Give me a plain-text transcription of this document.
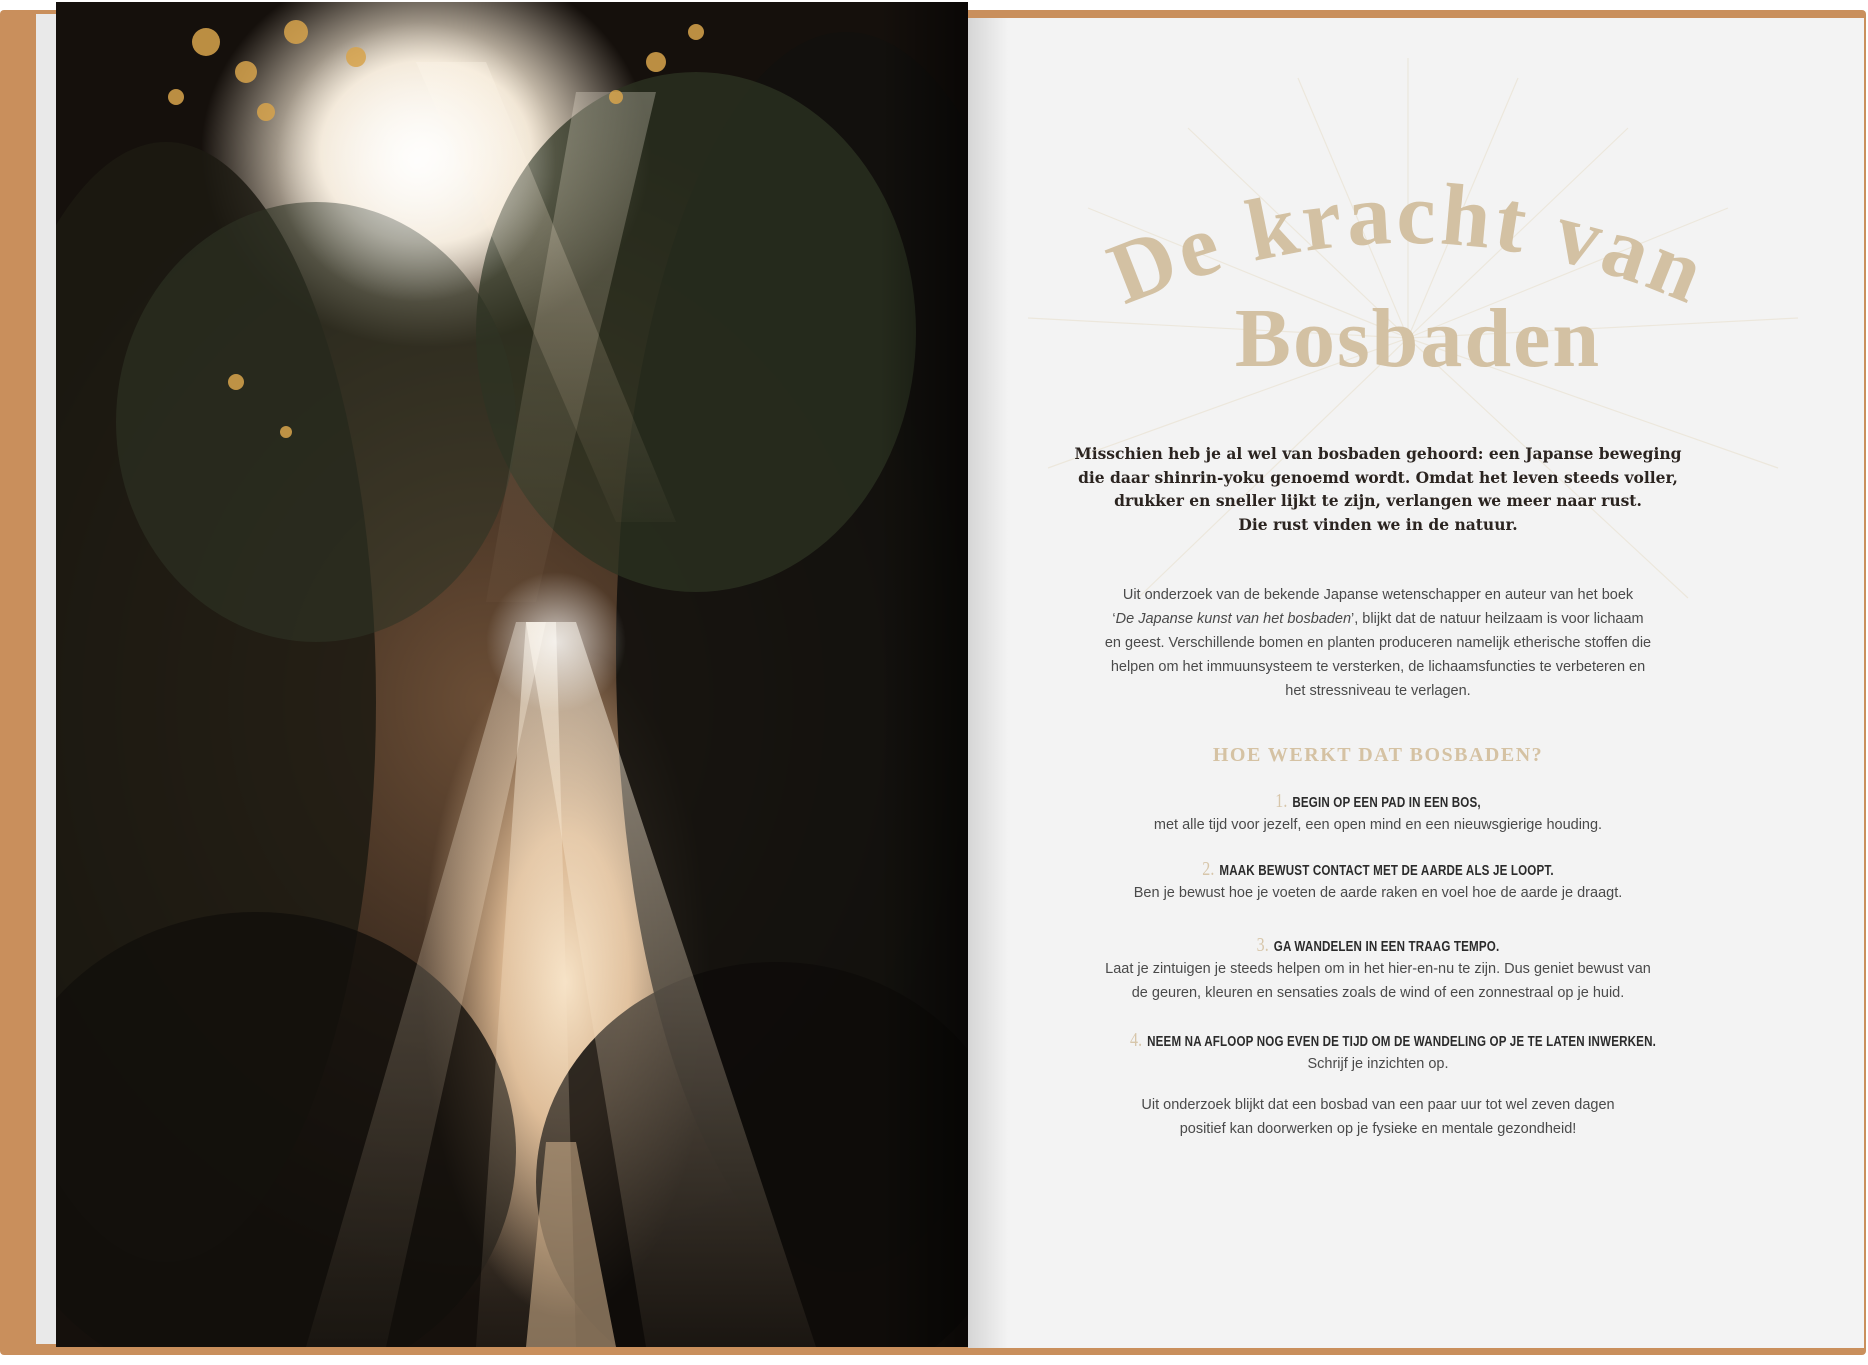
De kracht van
Bosbaden
Misschien heb je al wel van bosbaden gehoord: een Japanse beweging
die daar shinrin-yoku genoemd wordt. Omdat het leven steeds voller,
drukker en sneller lijkt te zijn, verlangen we meer naar rust.
Die rust vinden we in de natuur.
Uit onderzoek van de bekende Japanse wetenschapper en auteur van het boek
‘De Japanse kunst van het bosbaden’, blijkt dat de natuur heilzaam is voor lichaam
en geest. Verschillende bomen en planten produceren namelijk etherische stoffen die
helpen om het immuunsysteem te versterken, de lichaamsfuncties te verbeteren en
het stressniveau te verlagen.
HOE WERKT DAT BOSBADEN?
1. BEGIN OP EEN PAD IN EEN BOS,
met alle tijd voor jezelf, een open mind en een nieuwsgierige houding.
2. MAAK BEWUST CONTACT MET DE AARDE ALS JE LOOPT.
Ben je bewust hoe je voeten de aarde raken en voel hoe de aarde je draagt.
3. GA WANDELEN IN EEN TRAAG TEMPO.
Laat je zintuigen je steeds helpen om in het hier-en-nu te zijn. Dus geniet bewust van
de geuren, kleuren en sensaties zoals de wind of een zonnestraal op je huid.
4. NEEM NA AFLOOP NOG EVEN DE TIJD OM DE WANDELING OP JE TE LATEN INWERKEN.
Schrijf je inzichten op.
Uit onderzoek blijkt dat een bosbad van een paar uur tot wel zeven dagen
positief kan doorwerken op je fysieke en mentale gezondheid!
